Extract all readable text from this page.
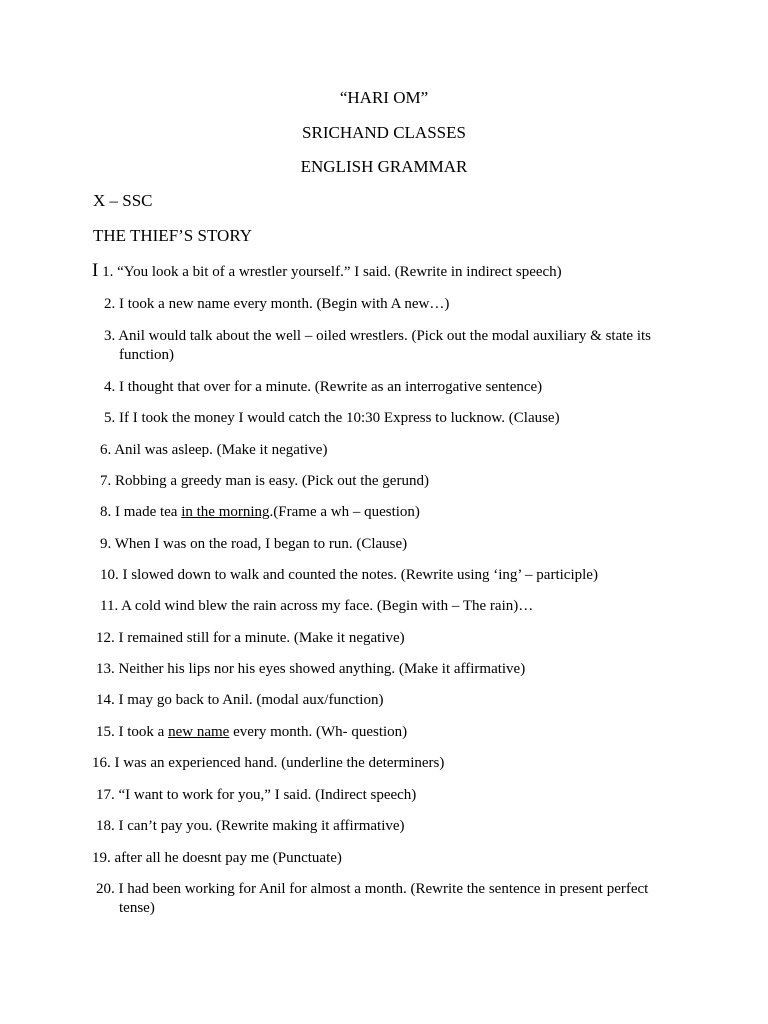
“HARI OM”
SRICHAND CLASSES
ENGLISH GRAMMAR
X – SSC
THE THIEF’S STORY
I 1. “You look a bit of a wrestler yourself.” I said. (Rewrite in indirect speech)
2. I took a new name every month. (Begin with A new…)
3. Anil would talk about the well – oiled wrestlers. (Pick out the modal auxiliary & state its
function)
4. I thought that over for a minute. (Rewrite as an interrogative sentence)
5. If I took the money I would catch the 10:30 Express to lucknow. (Clause)
6. Anil was asleep. (Make it negative)
7. Robbing a greedy man is easy. (Pick out the gerund)
8. I made tea in the morning.(Frame a wh – question)
9. When I was on the road, I began to run. (Clause)
10. I slowed down to walk and counted the notes. (Rewrite using ‘ing’ – participle)
11. A cold wind blew the rain across my face. (Begin with – The rain)…
12. I remained still for a minute. (Make it negative)
13. Neither his lips nor his eyes showed anything. (Make it affirmative)
14. I may go back to Anil. (modal aux/function)
15. I took a new name every month. (Wh- question)
16. I was an experienced hand. (underline the determiners)
17. “I want to work for you,” I said. (Indirect speech)
18. I can’t pay you. (Rewrite making it affirmative)
19. after all he doesnt pay me (Punctuate)
20. I had been working for Anil for almost a month. (Rewrite the sentence in present perfect
tense)
